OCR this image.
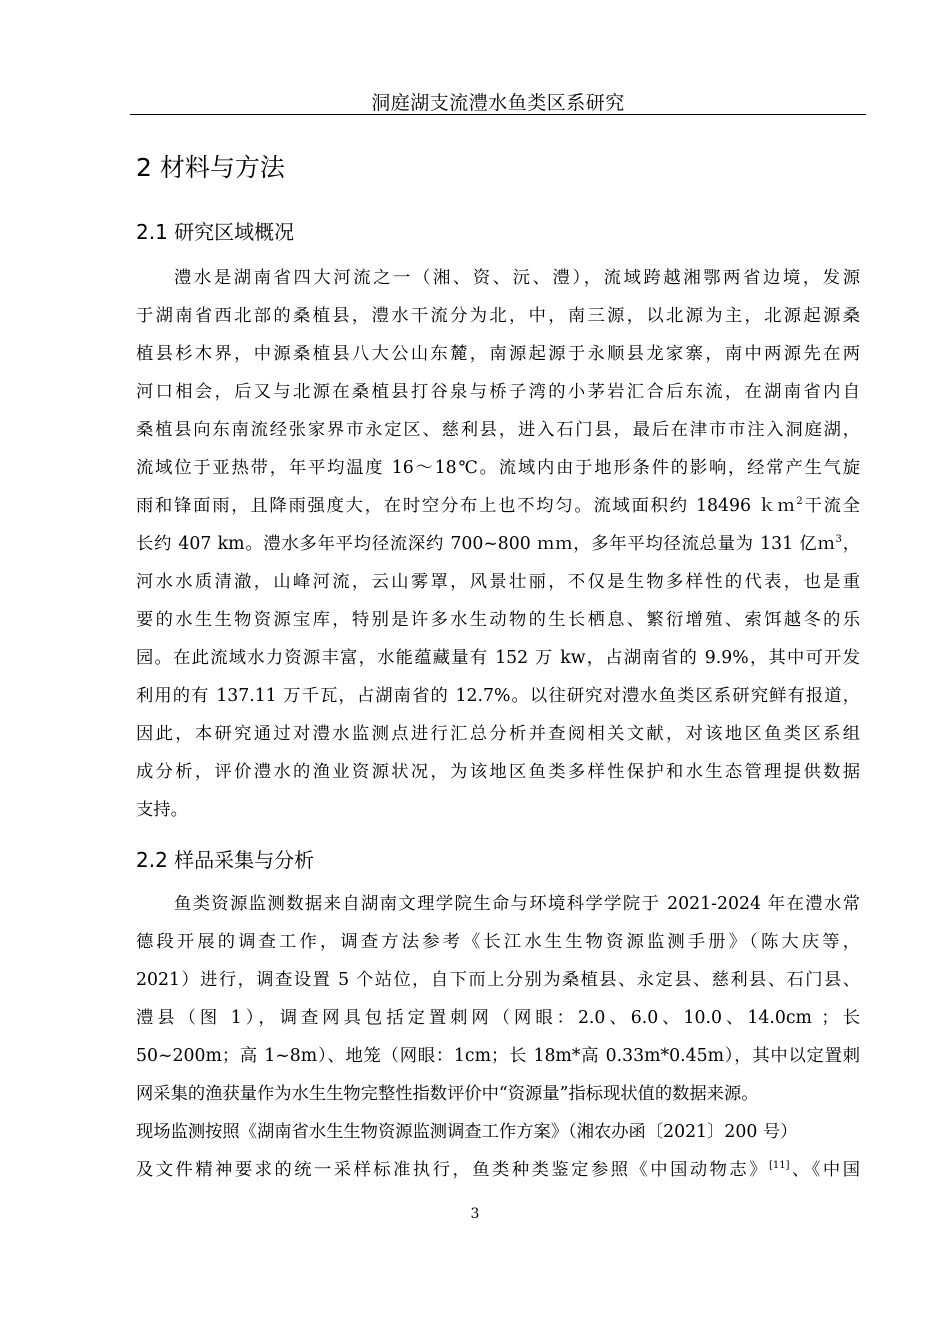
洞庭湖支流澧水鱼类区系研究
2 材料与方法
2.1 研究区域概况
澧水是湖南省四大河流之一（湘、资、沅、澧），流域跨越湘鄂两省边境，发源
于湖南省西北部的桑植县，澧水干流分为北，中，南三源，以北源为主，北源起源桑
植县杉木界，中源桑植县八大公山东麓，南源起源于永顺县龙家寨，南中两源先在两
河口相会，后又与北源在桑植县打谷泉与桥子湾的小茅岩汇合后东流，在湖南省内自
桑植县向东南流经张家界市永定区、慈利县，进入石门县，最后在津市市注入洞庭湖，
流域位于亚热带，年平均温度 16～18℃。流域内由于地形条件的影响，经常产生气旋
雨和锋面雨，且降雨强度大，在时空分布上也不均匀。流域面积约 18496 ｋｍ$^2$干流全
长约 407 km。澧水多年平均径流深约 700~800 ｍｍ，多年平均径流总量为 131 亿ｍ$^3$，
河水水质清澈，山峰河流，云山雾罩，风景壮丽，不仅是生物多样性的代表，也是重
要的水生生物资源宝库，特别是许多水生动物的生长栖息、繁衍增殖、索饵越冬的乐
园。在此流域水力资源丰富，水能蕴藏量有 152 万 kw，占湖南省的 9.9%，其中可开发
利用的有 137.11 万千瓦，占湖南省的 12.7%。以往研究对澧水鱼类区系研究鲜有报道，
因此，本研究通过对澧水监测点进行汇总分析并查阅相关文献，对该地区鱼类区系组
成分析，评价澧水的渔业资源状况，为该地区鱼类多样性保护和水生态管理提供数据
支持。
2.2 样品采集与分析
鱼类资源监测数据来自湖南文理学院生命与环境科学学院于 2021-2024 年在澧水常
德段开展的调查工作，调查方法参考《长江水生生物资源监测手册》（陈大庆等，
2021）进行，调查设置 5 个站位，自下而上分别为桑植县、永定县、慈利县、石门县、
澧县（图 1），调查网具包括定置刺网（网眼：2.0、6.0、10.0、14.0cm ；长
50~200m；高 1~8m）、地笼（网眼：1cm；长 18m*高 0.33m*0.45m），其中以定置刺
网采集的渔获量作为水生生物完整性指数评价中“资源量”指标现状值的数据来源。
现场监测按照《湖南省水生生物资源监测调查工作方案》（湘农办函〔2021〕200 号）
及文件精神要求的统一采样标准执行，鱼类种类鉴定参照《中国动物志》[11]、《中国
3
